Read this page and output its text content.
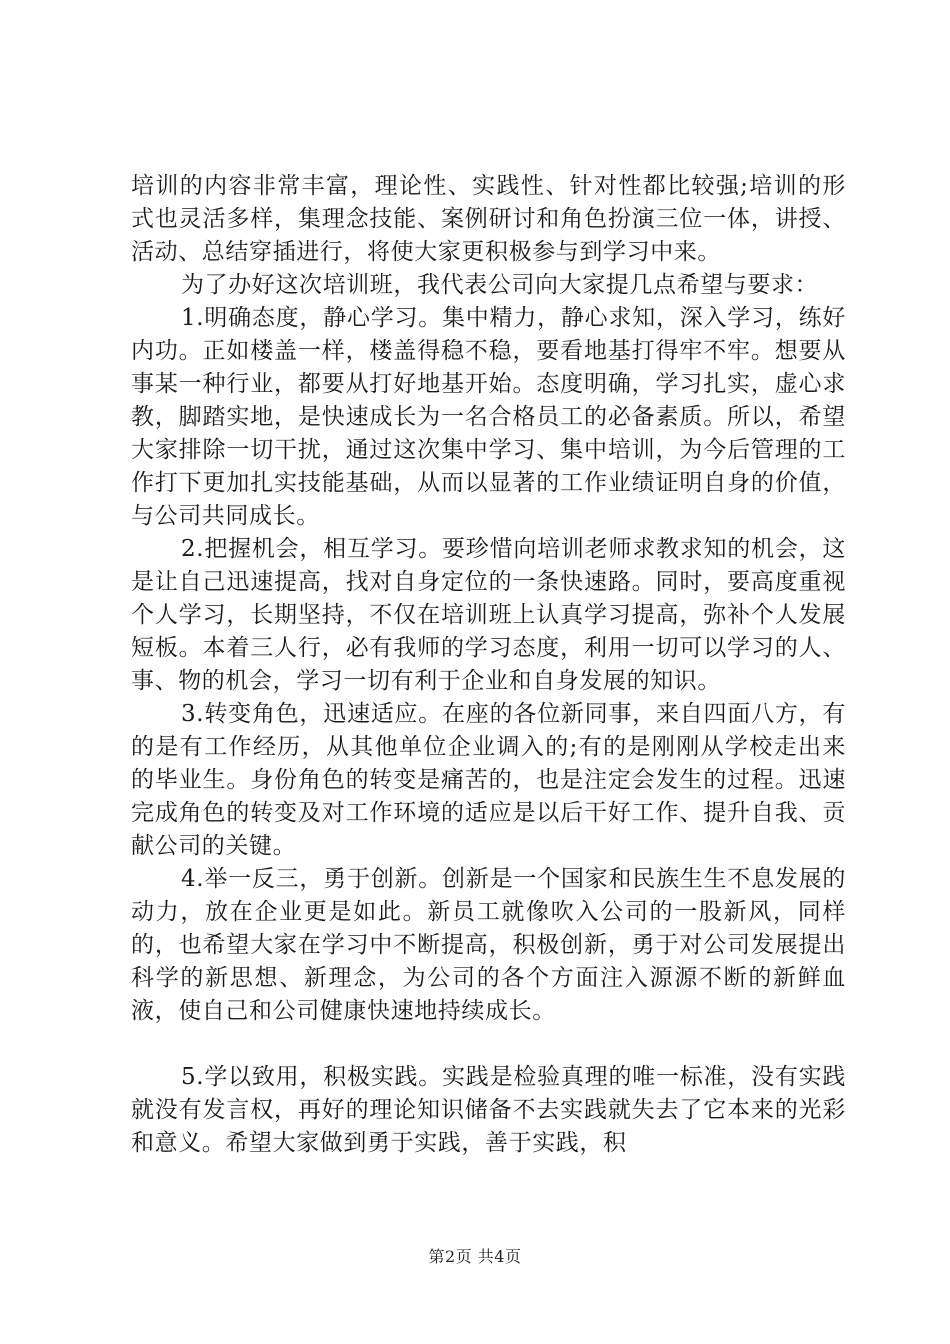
培训的内容非常丰富，理论性、实践性、针对性都比较强;培训的形式也灵活多样，集理念技能、案例研讨和角色扮演三位一体，讲授、活动、总结穿插进行，将使大家更积极参与到学习中来。

为了办好这次培训班，我代表公司向大家提几点希望与要求：

1.明确态度，静心学习。集中精力，静心求知，深入学习，练好内功。正如楼盖一样，楼盖得稳不稳，要看地基打得牢不牢。想要从事某一种行业，都要从打好地基开始。态度明确，学习扎实，虚心求教，脚踏实地，是快速成长为一名合格员工的必备素质。所以，希望大家排除一切干扰，通过这次集中学习、集中培训，为今后管理的工作打下更加扎实技能基础，从而以显著的工作业绩证明自身的价值，与公司共同成长。

2.把握机会，相互学习。要珍惜向培训老师求教求知的机会，这是让自己迅速提高，找对自身定位的一条快速路。同时，要高度重视个人学习，长期坚持，不仅在培训班上认真学习提高，弥补个人发展短板。本着三人行，必有我师的学习态度，利用一切可以学习的人、事、物的机会，学习一切有利于企业和自身发展的知识。

3.转变角色，迅速适应。在座的各位新同事，来自四面八方，有的是有工作经历，从其他单位企业调入的;有的是刚刚从学校走出来的毕业生。身份角色的转变是痛苦的，也是注定会发生的过程。迅速完成角色的转变及对工作环境的适应是以后干好工作、提升自我、贡献公司的关键。

4.举一反三，勇于创新。创新是一个国家和民族生生不息发展的动力，放在企业更是如此。新员工就像吹入公司的一股新风，同样的，也希望大家在学习中不断提高，积极创新，勇于对公司发展提出科学的新思想、新理念，为公司的各个方面注入源源不断的新鲜血液，使自己和公司健康快速地持续成长。

5.学以致用，积极实践。实践是检验真理的唯一标准，没有实践就没有发言权，再好的理论知识储备不去实践就失去了它本来的光彩和意义。希望大家做到勇于实践，善于实践，积

第2页 共4页
